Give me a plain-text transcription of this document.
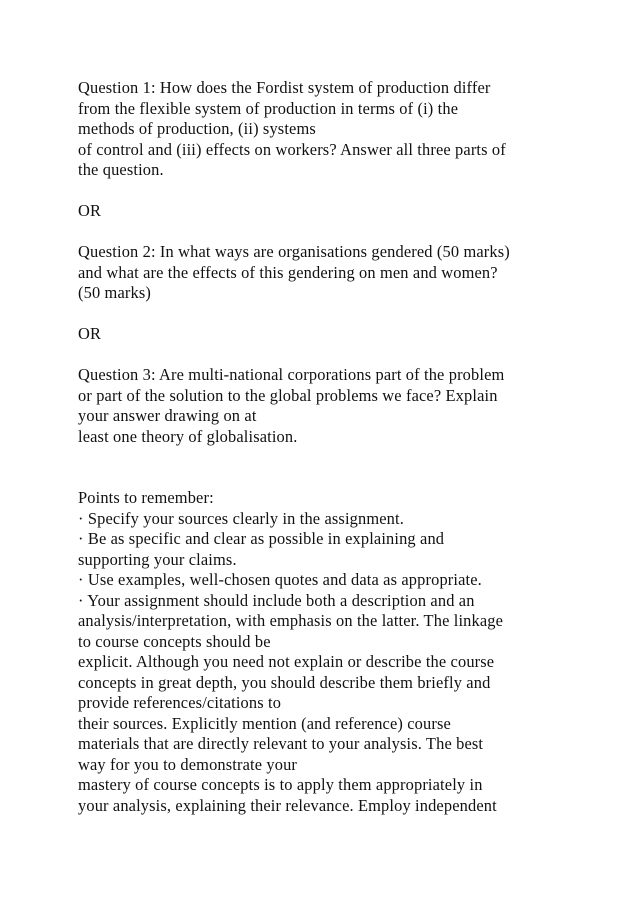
Question 1: How does the Fordist system of production differ
from the flexible system of production in terms of (i) the
methods of production, (ii) systems
of control and (iii) effects on workers? Answer all three parts of
the question.
OR
Question 2: In what ways are organisations gendered (50 marks)
and what are the effects of this gendering on men and women?
(50 marks)
OR
Question 3: Are multi-national corporations part of the problem
or part of the solution to the global problems we face? Explain
your answer drawing on at
least one theory of globalisation.
Points to remember:
· Specify your sources clearly in the assignment.
· Be as specific and clear as possible in explaining and
supporting your claims.
· Use examples, well-chosen quotes and data as appropriate.
· Your assignment should include both a description and an
analysis/interpretation, with emphasis on the latter. The linkage
to course concepts should be
explicit. Although you need not explain or describe the course
concepts in great depth, you should describe them briefly and
provide references/citations to
their sources. Explicitly mention (and reference) course
materials that are directly relevant to your analysis. The best
way for you to demonstrate your
mastery of course concepts is to apply them appropriately in
your analysis, explaining their relevance. Employ independent
